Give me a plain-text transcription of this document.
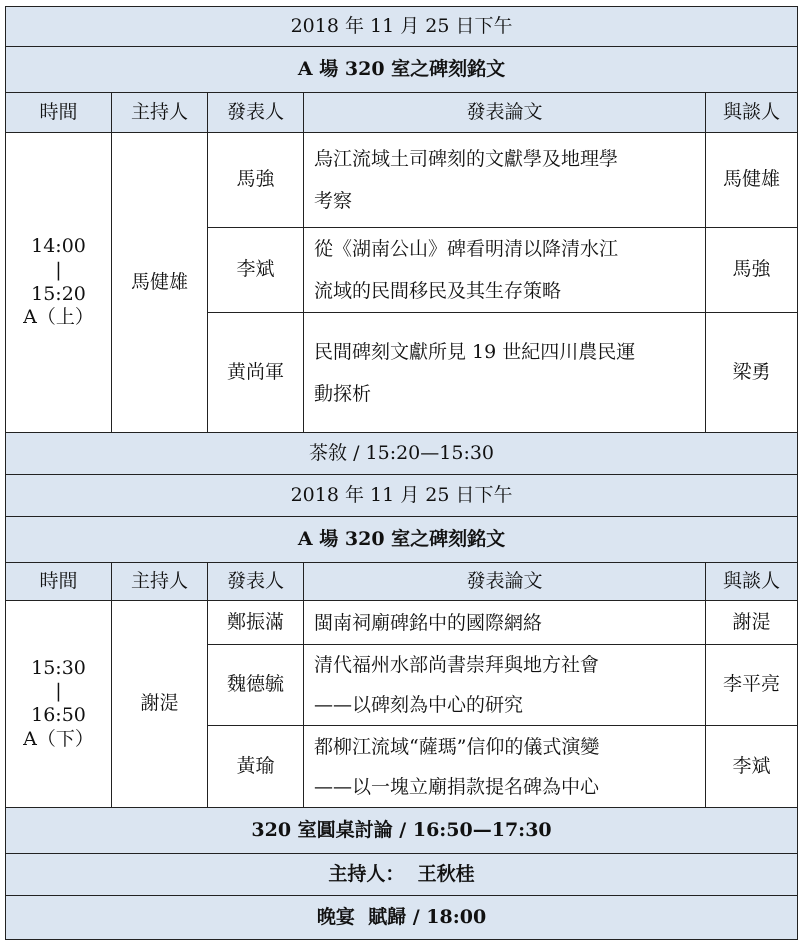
2018 年 11 月 25 日下午				
A 場 320 室之碑刻銘文				
時間	主持人	發表人	發表論文	與談人

14:00
|
15:20
A（上）	馬健雄	馬強	烏江流域土司碑刻的文獻學及地理學
考察	馬健雄
		李斌	從《湖南公山》碑看明清以降清水江
流域的民間移民及其生存策略	馬強
		黄尚軍	民間碑刻文獻所見 19 世紀四川農民運
動探析	梁勇
茶敘 / 15:20—15:30				
2018 年 11 月 25 日下午				
A 場 320 室之碑刻銘文				
時間	主持人	發表人	發表論文	與談人

15:30
|
16:50
A（下）	謝湜	鄭振滿	閩南祠廟碑銘中的國際網絡	謝湜
		魏德毓	清代福州水部尚書崇拜與地方社會
——以碑刻為中心的研究	李平亮
		黃瑜	都柳江流域“薩瑪”信仰的儀式演變
——以一塊立廟捐款提名碑為中心	李斌
320 室圓桌討論 / 16:50—17:30				
主持人：  王秋桂				
晚宴  賦歸 / 18:00				
